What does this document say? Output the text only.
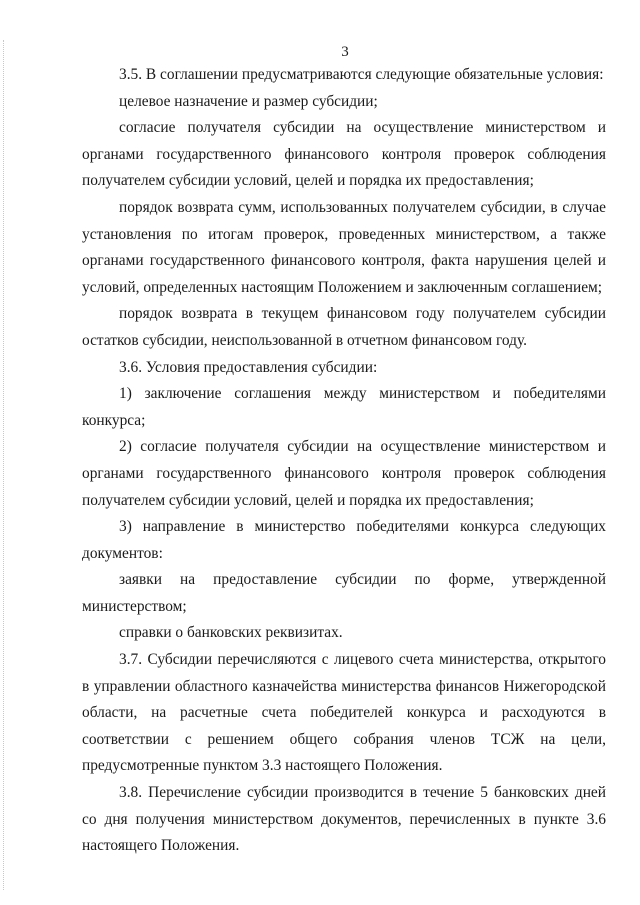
3

3.5. В соглашении предусматриваются следующие обязательные условия:

целевое назначение и размер субсидии;

согласие получателя субсидии на осуществление министерством и органами государственного финансового контроля проверок соблюдения получателем субсидии условий, целей и порядка их предоставления;

порядок возврата сумм, использованных получателем субсидии, в случае установления по итогам проверок, проведенных министерством, а также органами государственного финансового контроля, факта нарушения целей и условий, определенных настоящим Положением и заключенным соглашением;

порядок возврата в текущем финансовом году получателем субсидии остатков субсидии, неиспользованной в отчетном финансовом году.

3.6. Условия предоставления субсидии:

1) заключение соглашения между министерством и победителями конкурса;

2) согласие получателя субсидии на осуществление министерством и органами государственного финансового контроля проверок соблюдения получателем субсидии условий, целей и порядка их предоставления;

3) направление в министерство победителями конкурса следующих документов:

заявки на предоставление субсидии по форме, утвержденной министерством;

справки о банковских реквизитах.

3.7. Субсидии перечисляются с лицевого счета министерства, открытого в управлении областного казначейства министерства финансов Нижегородской области, на расчетные счета победителей конкурса и расходуются в соответствии с решением общего собрания членов ТСЖ на цели, предусмотренные пунктом 3.3 настоящего Положения.

3.8. Перечисление субсидии производится в течение 5 банковских дней со дня получения министерством документов, перечисленных в пункте 3.6 настоящего Положения.
